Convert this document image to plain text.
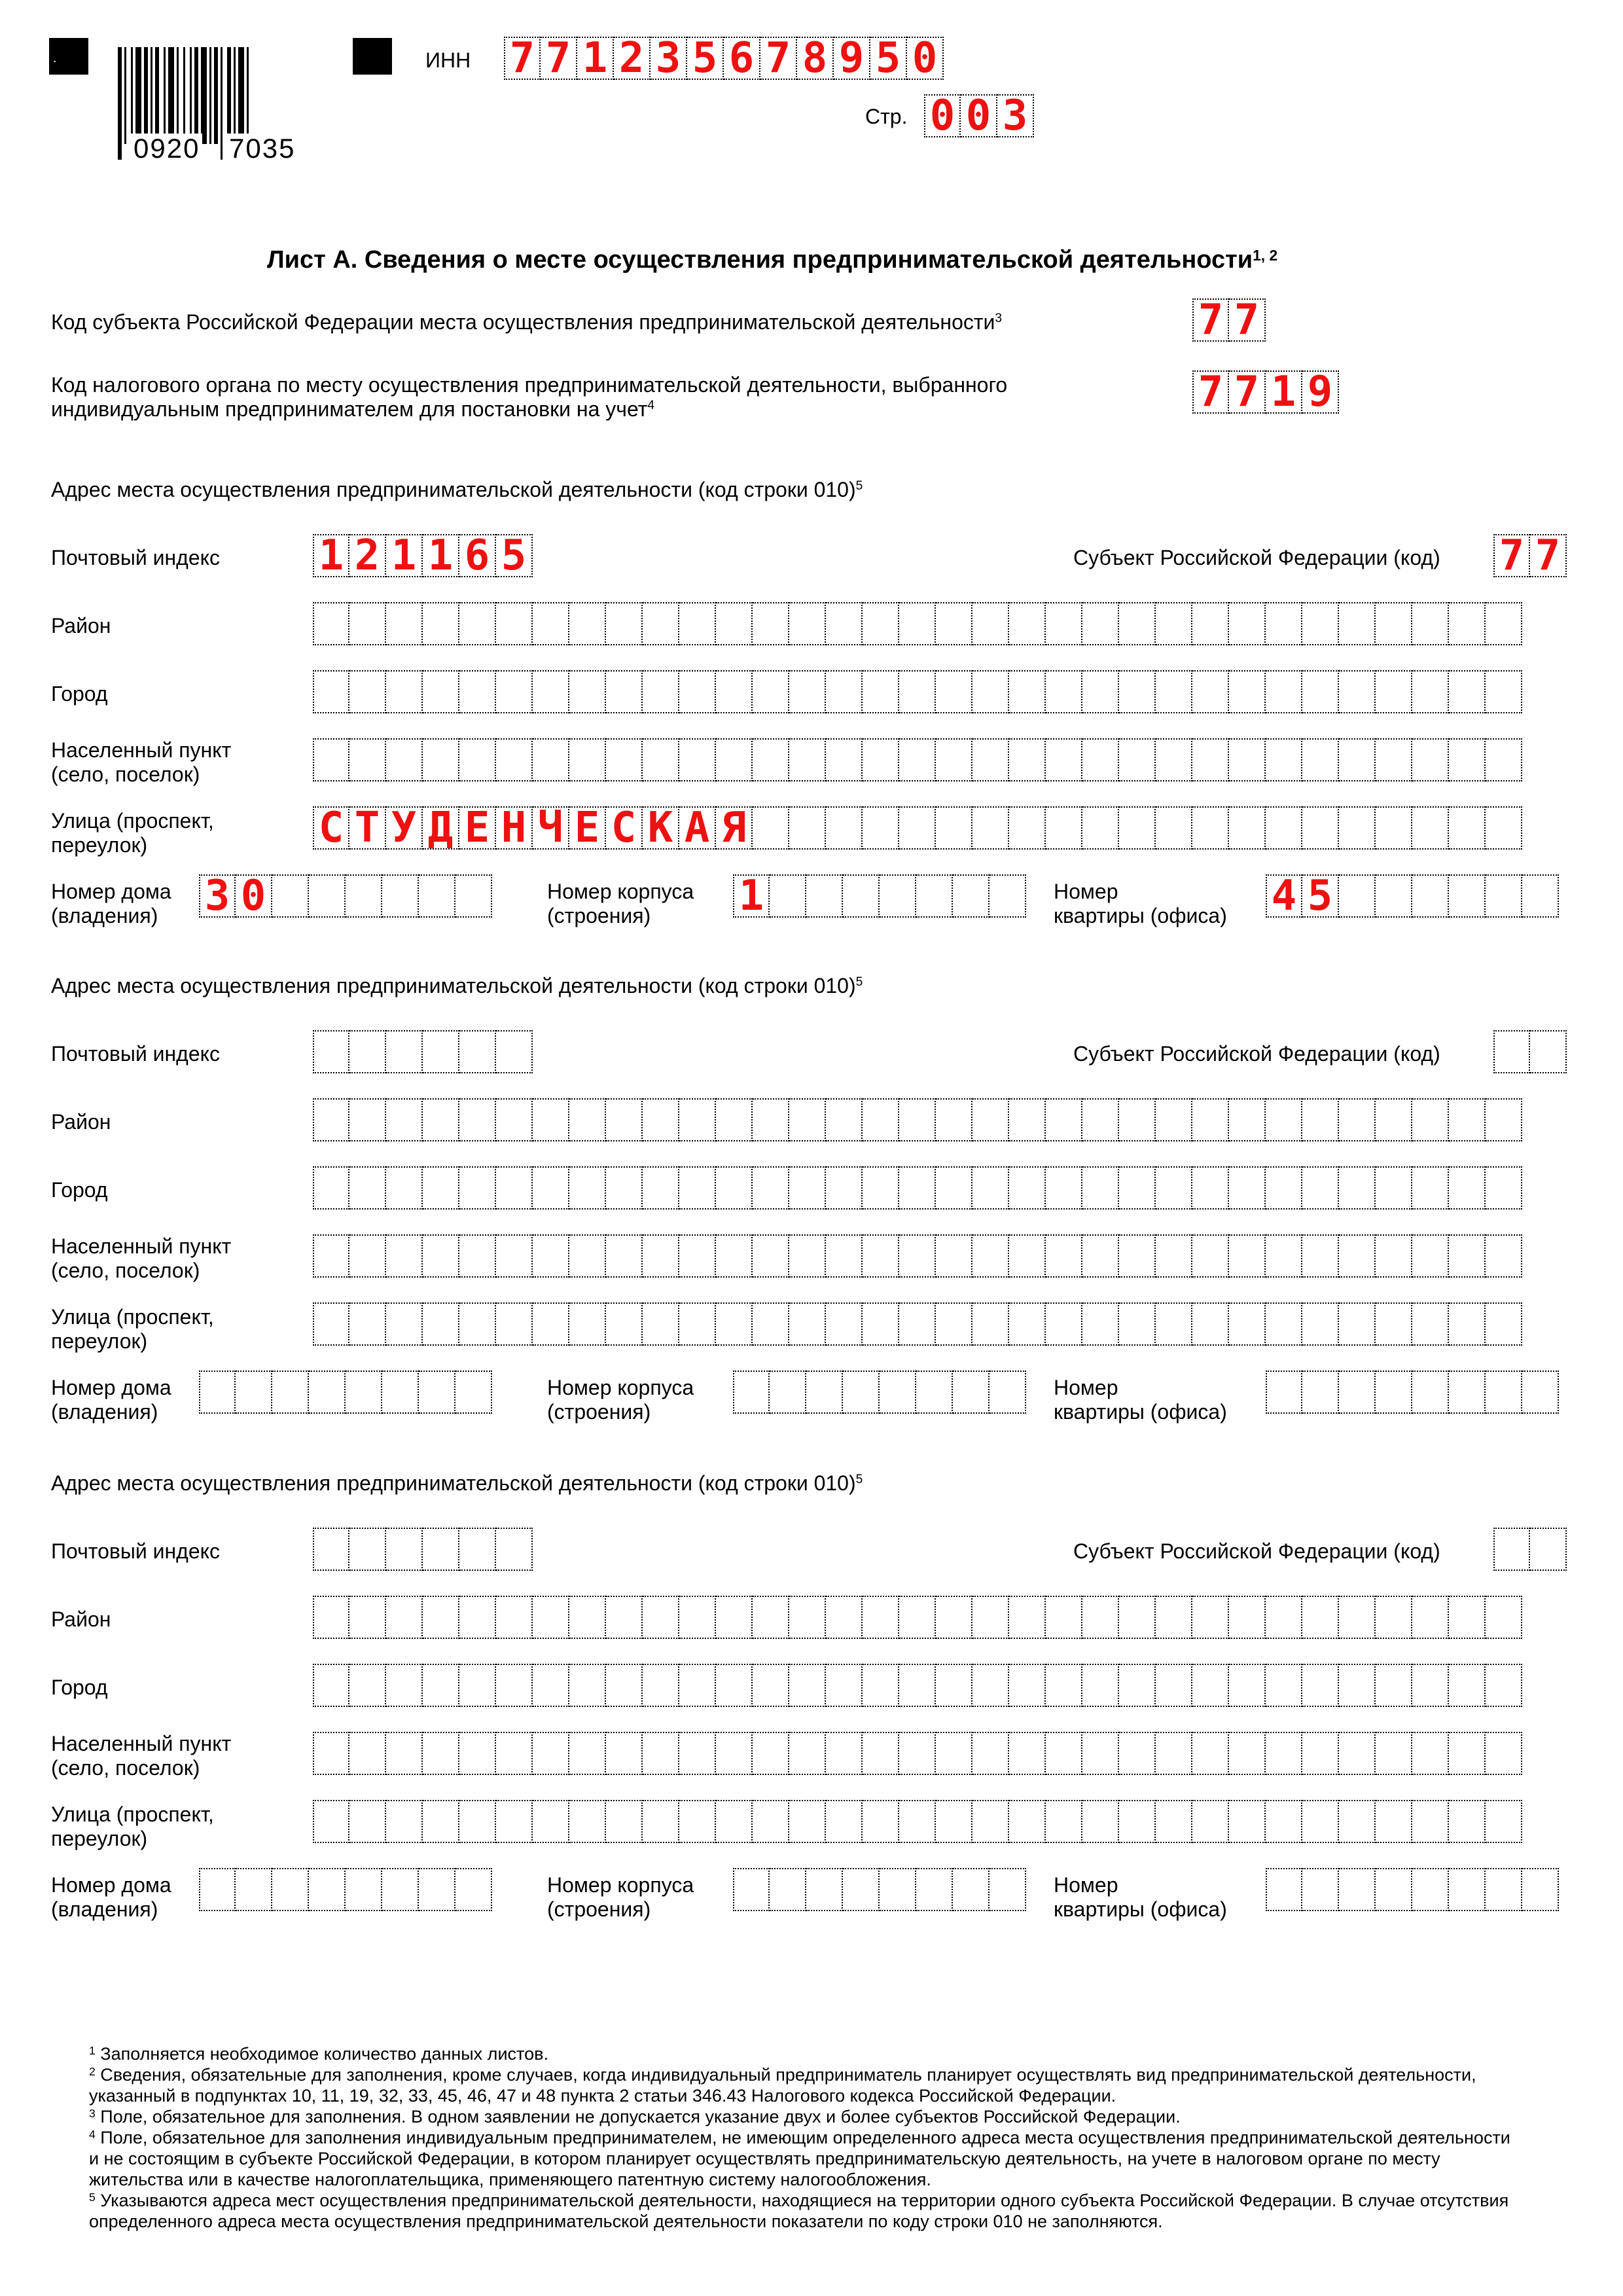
.
0920 7035
ИНН 7 7 1 2 3 5 6 7 8 9 5 0
Стр. 0 0 3
Лист А. Сведения о месте осуществления предпринимательской деятельности$^{1, 2}$
Код субъекта Российской Федерации места осуществления предпринимательской деятельности$^3$	7 7
Код налогового органа по месту осуществления предпринимательской деятельности, выбранного
индивидуальным предпринимателем для постановки на учет$^4$	7 7 1 9
Адрес места осуществления предпринимательской деятельности (код строки 010)$^5$
Почтовый индекс 1 2 1 1 6 5	Субъект Российской Федерации (код) 7 7
Район
Город
Населенный пункт
(село, поселок)
Улица (проспект,
переулок)	С Т У Д Е Н Ч Е С К А Я
Номер дома
(владения)	3 0	Номер корпуса
(строения)	1	Номер
квартиры (офиса) 4 5
Адрес места осуществления предпринимательской деятельности (код строки 010)$^5$
Почтовый индекс	Субъект Российской Федерации (код)
Район
Город
Населенный пункт
(село, поселок)
Улица (проспект,
переулок)
Номер дома
(владения)
Номер корпуса
(строения)
Номер
квартиры (офиса)
Адрес места осуществления предпринимательской деятельности (код строки 010)$^5$
Почтовый индекс	Субъект Российской Федерации (код)
Район
Город
Населенный пункт
(село, поселок)
Улица (проспект,
переулок)
Номер дома
(владения)
Номер корпуса
(строения)
Номер
квартиры (офиса)
$^1$ Заполняется необходимое количество данных листов.
$^2$ Сведения, обязательные для заполнения, кроме случаев, когда индивидуальный предприниматель планирует осуществлять вид предпринимательской деятельности, указанный в подпунктах 10, 11, 19, 32, 33, 45, 46, 47 и 48 пункта 2 статьи 346.43 Налогового кодекса Российской Федерации.
$^3$ Поле, обязательное для заполнения. В одном заявлении не допускается указание двух и более субъектов Российской Федерации.
$^4$ Поле, обязательное для заполнения индивидуальным предпринимателем, не имеющим определенного адреса места осуществления предпринимательской деятельности и не состоящим в субъекте Российской Федерации, в котором планирует осуществлять предпринимательскую деятельность, на учете в налоговом органе по месту жительства или в качестве налогоплательщика, применяющего патентную систему налогообложения.
$^5$ Указываются адреса мест осуществления предпринимательской деятельности, находящиеся на территории одного субъекта Российской Федерации. В случае отсутствия определенного адреса места осуществления предпринимательской деятельности показатели по коду строки 010 не заполняются.
